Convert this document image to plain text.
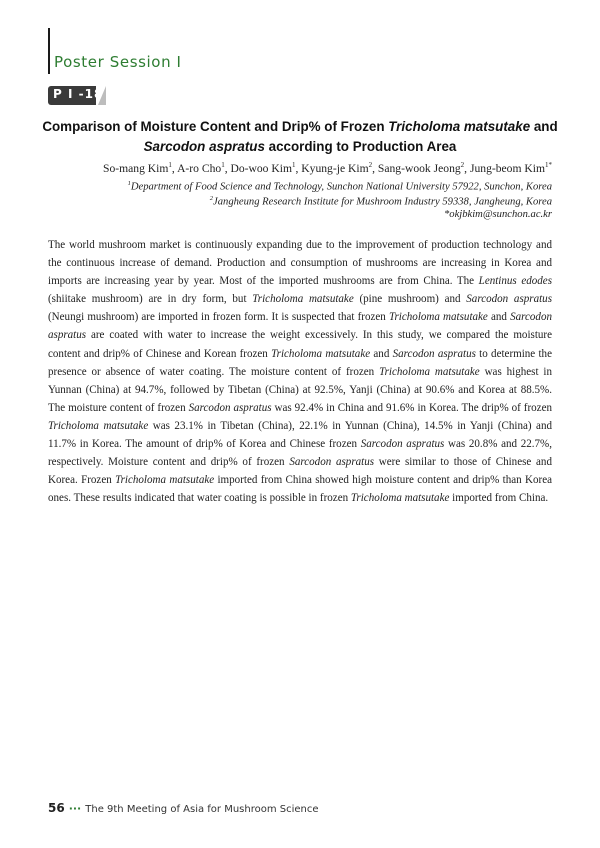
Poster Session I
P I -18
Comparison of Moisture Content and Drip% of Frozen Tricholoma matsutake and
Sarcodon aspratus according to Production Area
So-mang Kim$^1$, A-ro Cho$^1$, Do-woo Kim$^1$, Kyung-je Kim$^2$, Sang-wook Jeong$^2$, Jung-beom Kim$^{1*}$
$^1$Department of Food Science and Technology, Sunchon National University 57922, Sunchon, Korea
$^2$Jangheung Research Institute for Mushroom Industry 59338, Jangheung, Korea
*okjbkim@sunchon.ac.kr

The world mushroom market is continuously expanding due to the improvement of production technology and the continuous increase of demand. Production and consumption of mushrooms are increasing in Korea and imports are increasing year by year. Most of the imported mushrooms are from China. The Lentinus edodes (shiitake mushroom) are in dry form, but Tricholoma matsutake (pine mushroom) and Sarcodon aspratus (Neungi mushroom) are imported in frozen form. It is suspected that frozen Tricholoma matsutake and Sarcodon aspratus are coated with water to increase the weight excessively. In this study, we compared the moisture content and drip% of Chinese and Korean frozen Tricholoma matsutake and Sarcodon aspratus to determine the presence or absence of water coating. The moisture content of frozen Tricholoma matsutake was highest in Yunnan (China) at 94.7%, followed by Tibetan (China) at 92.5%, Yanji (China) at 90.6% and Korea at 88.5%. The moisture content of frozen Sarcodon aspratus was 92.4% in China and 91.6% in Korea. The drip% of frozen Tricholoma matsutake was 23.1% in Tibetan (China), 22.1% in Yunnan (China), 14.5% in Yanji (China) and 11.7% in Korea. The amount of drip% of Korea and Chinese frozen Sarcodon aspratus was 20.8% and 22.7%, respectively. Moisture content and drip% of frozen Sarcodon aspratus were similar to those of Chinese and Korea. Frozen Tricholoma matsutake imported from China showed high moisture content and drip% than Korea ones. These results indicated that water coating is possible in frozen Tricholoma matsutake imported from China.

56 ··· The 9th Meeting of Asia for Mushroom Science
